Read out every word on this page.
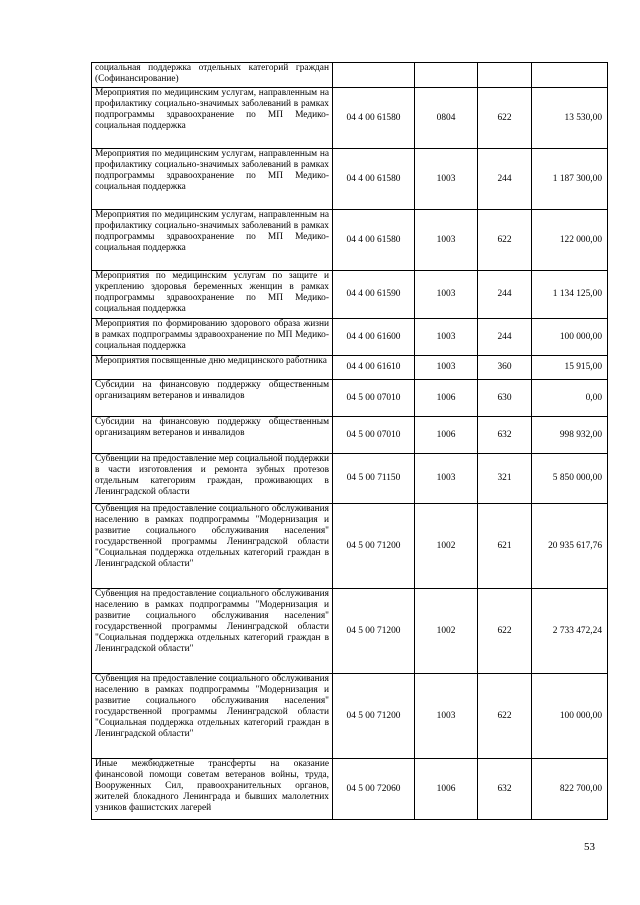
социальная поддержка отдельных категорий граждан (Софинансирование)				
Мероприятия по медицинским услугам, направленным на профилактику социально-значимых заболеваний в рамках подпрограммы здравоохранение по МП Медико-социальная поддержка	04 4 00 61580	0804	622	13 530,00
Мероприятия по медицинским услугам, направленным на профилактику социально-значимых заболеваний в рамках подпрограммы здравоохранение по МП Медико-социальная поддержка	04 4 00 61580	1003	244	1 187 300,00
Мероприятия по медицинским услугам, направленным на профилактику социально-значимых заболеваний в рамках подпрограммы здравоохранение по МП Медико-социальная поддержка	04 4 00 61580	1003	622	122 000,00
Мероприятия по медицинским услугам по защите и укреплению здоровья беременных женщин в рамках подпрограммы здравоохранение по МП Медико-социальная поддержка	04 4 00 61590	1003	244	1 134 125,00
Мероприятия по формированию здорового образа жизни в рамках подпрограммы здравоохранение по МП Медико-социальная поддержка	04 4 00 61600	1003	244	100 000,00
Мероприятия посвященные дню медицинского работника	04 4 00 61610	1003	360	15 915,00
Субсидии на финансовую поддержку общественным организациям ветеранов и инвалидов	04 5 00 07010	1006	630	0,00
Субсидии на финансовую поддержку общественным организациям ветеранов и инвалидов	04 5 00 07010	1006	632	998 932,00
Субвенции на предоставление мер социальной поддержки в части изготовления и ремонта зубных протезов отдельным категориям граждан, проживающих в Ленинградской области	04 5 00 71150	1003	321	5 850 000,00
Субвенция на предоставление социального обслуживания населению в рамках подпрограммы "Модернизация и развитие социального обслуживания населения" государственной программы Ленинградской области "Социальная поддержка отдельных категорий граждан в Ленинградской области"	04 5 00 71200	1002	621	20 935 617,76
Субвенция на предоставление социального обслуживания населению в рамках подпрограммы "Модернизация и развитие социального обслуживания населения" государственной программы Ленинградской области "Социальная поддержка отдельных категорий граждан в Ленинградской области"	04 5 00 71200	1002	622	2 733 472,24
Субвенция на предоставление социального обслуживания населению в рамках подпрограммы "Модернизация и развитие социального обслуживания населения" государственной программы Ленинградской области "Социальная поддержка отдельных категорий граждан в Ленинградской области"	04 5 00 71200	1003	622	100 000,00
Иные межбюджетные трансферты на оказание финансовой помощи советам ветеранов войны, труда, Вооруженных Сил, правоохранительных органов, жителей блокадного Ленинграда и бывших малолетних узников фашистских лагерей	04 5 00 72060	1006	632	822 700,00
53
